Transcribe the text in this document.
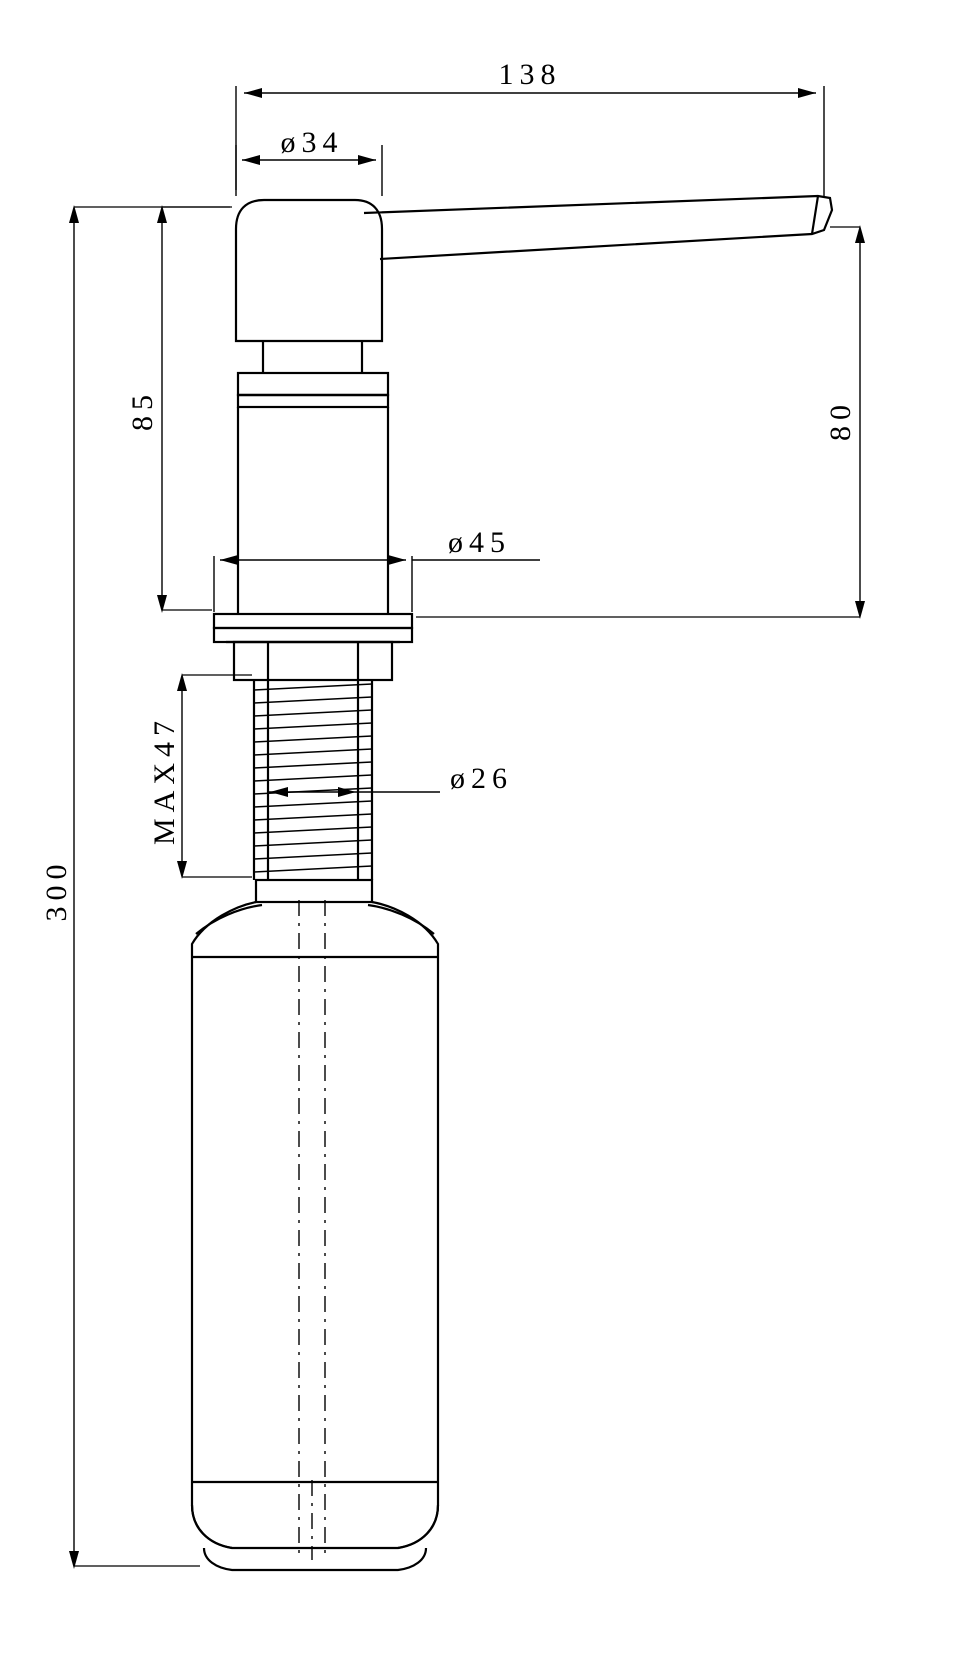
138
ø34
ø45
ø26
300
85
MAX47
80
